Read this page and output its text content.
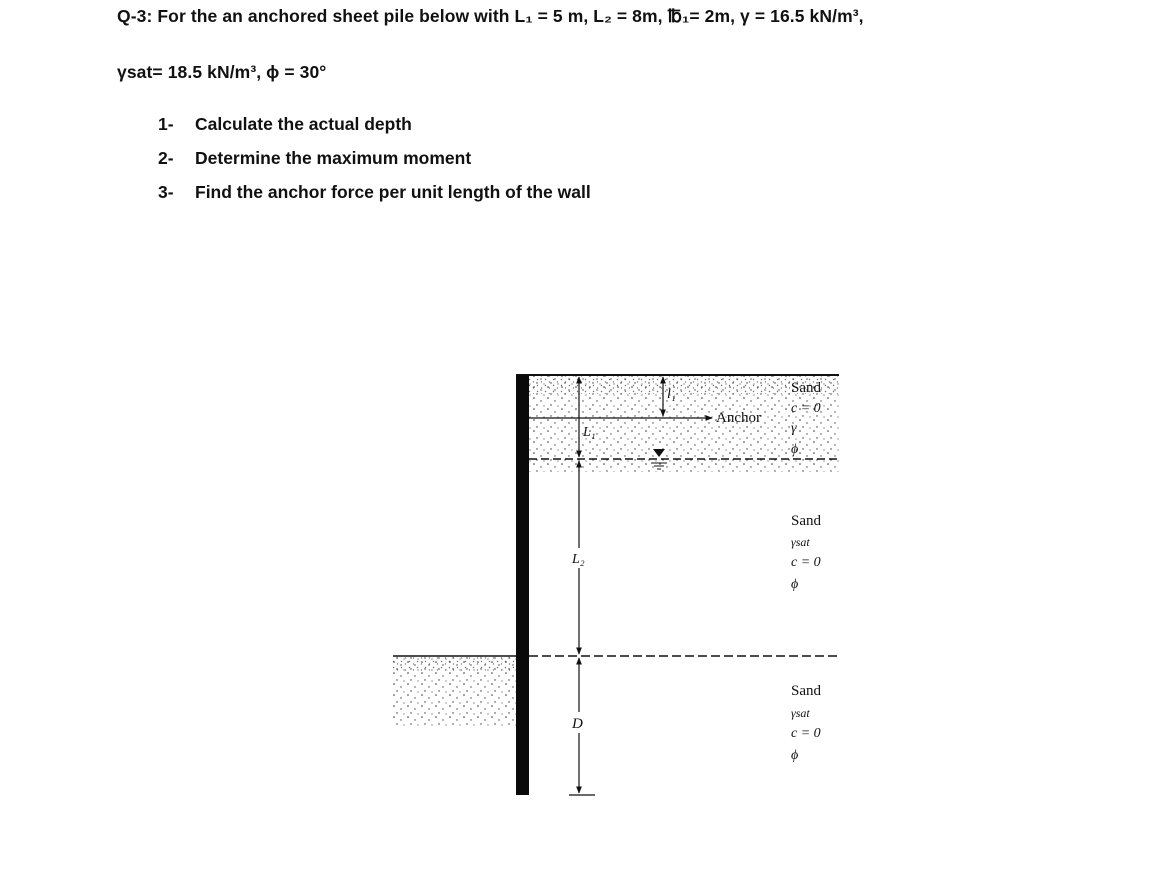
Q-3: For the an anchored sheet pile below with L₁ = 5 m, L₂ = 8m, ℔₁= 2m, γ = 16.5 kN/m³,
γsat= 18.5 kN/m³, ϕ = 30°
1-	Calculate the actual depth
2-	Determine the maximum moment
3-	Find the anchor force per unit length of the wall
Anchor
l₁
L₁
L₂
D
Sand
c = 0
γ
ϕ
Sand
γsat
c = 0
ϕ
Sand
γsat
c = 0
ϕ
